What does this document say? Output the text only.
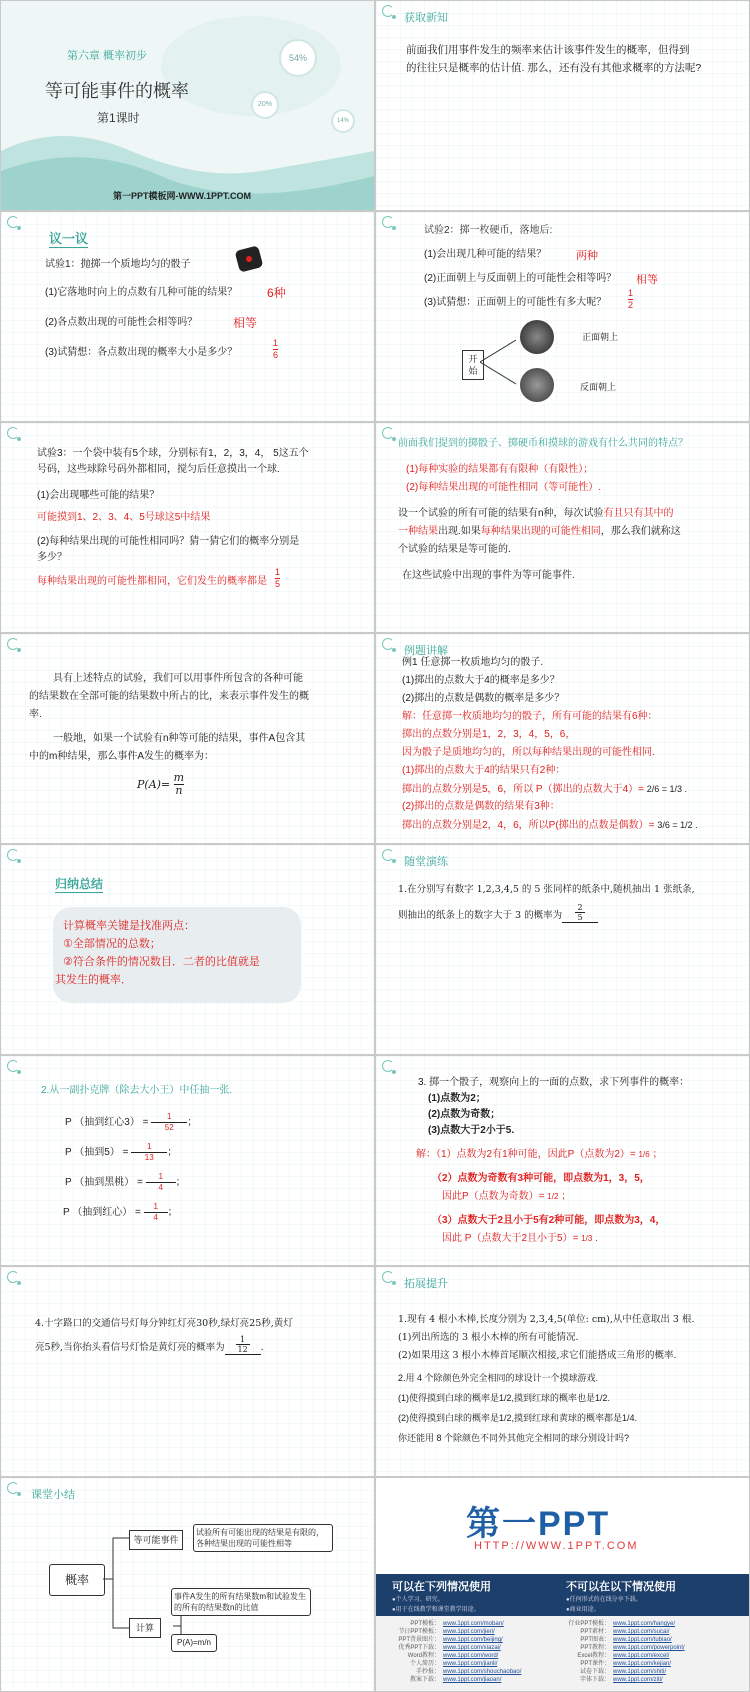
54%
20%
14%
第六章 概率初步
等可能事件的概率
第1课时
第一PPT模板网-WWW.1PPT.COM
获取新知
前面我们用事件发生的频率来估计该事件发生的概率，但得到
的往往只是概率的估计值. 那么，还有没有其他求概率的方法呢?
议一议
试验1：抛掷一个质地均匀的骰子
(1)它落地时向上的点数有几种可能的结果？ 6种
(2)各点数出现的可能性会相等吗？	相等
(3)试猜想：各点数出现的概率大小是多少？
1
6
试验2：掷一枚硬币，落地后:
(1)会出现几种可能的结果？	两种
(2)正面朝上与反面朝上的可能性会相等吗？ 相等
(3)试猜想：正面朝上的可能性有多大呢？
1
2
开始
正面朝上
反面朝上
试验3：一个袋中装有5个球，分别标有1，2，3，4， 5这五个
号码，这些球除号码外都相同，搅匀后任意摸出一个球.
(1)会出现哪些可能的结果？
可能摸到1、2、3、4、5号球这5中结果
(2)每种结果出现的可能性相同吗？猜一猜它们的概率分别是
多少？
每种结果出现的可能性都相同，它们发生的概率都是
1
5
前面我们提到的掷骰子、掷硬币和摸球的游戏有什么共同的特点？
(1)每种实验的结果都有有限种（有限性）；
(2)每种结果出现的可能性相同（等可能性）.
设一个试验的所有可能的结果有n种，每次试验有且只有其中的
一种结果出现.如果每种结果出现的可能性相同，那么我们就称这
个试验的结果是等可能的.
在这些试验中出现的事件为等可能事件.
具有上述特点的试验，我们可以用事件所包含的各种可能
的结果数在全部可能的结果数中所占的比，来表示事件发生的概
率.
一般地，如果一个试验有n种等可能的结果，事件A包含其
中的m种结果，那么事件A发生的概率为：
$P(A)= \frac{m}{n}$
例题讲解
例1 任意掷一枚质地均匀的骰子.
(1)掷出的点数大于4的概率是多少？
(2)掷出的点数是偶数的概率是多少？
解：任意掷一枚质地均匀的骰子，所有可能的结果有6种：
掷出的点数分别是1，2，3，4，5，6，
因为骰子是质地均匀的，所以每种结果出现的可能性相同.
(1)掷出的点数大于4的结果只有2种：
掷出的点数分别是5，6，所以 P（掷出的点数大于4）= 2/6 = 1/3 .
(2)掷出的点数是偶数的结果有3种：
掷出的点数分别是2，4，6，所以P(掷出的点数是偶数）= 3/6 = 1/2 .
归纳总结
计算概率关键是找准两点：
①全部情况的总数；
②符合条件的情况数目．二者的比值就是
其发生的概率．
随堂演练
1.在分别写有数字 1,2,3,4,5 的 5 张同样的纸条中,随机抽出 1 张纸条,
则抽出的纸条上的数字大于 3 的概率为 $\frac{2}{5}$
2.从一副扑克牌（除去大小王）中任抽一张.
P （抽到红心$3) = \frac{1}{52}$ ；
P （抽到$5) = \frac{1}{13}$ ；
P （抽到黑桃） = $\frac{1}{4}$ ；
P （抽到红心） = $\frac{1}{4}$ ；
3. 掷一个骰子，观察向上的一面的点数，求下列事件的概率：
(1)点数为2；
(2)点数为奇数；
(3)点数大于2小于5.
解：（1）点数为2有1种可能，因此P（点数为2）= 1/6 ；
（2）点数为奇数有3种可能，即点数为1，3，5，
因此P（点数为奇数）= 1/2 ；
（3）点数大于2且小于5有2种可能，即点数为3，4，
因此 P（点数大于2且小于5）= 1/3 .
4.十字路口的交通信号灯每分钟红灯亮30秒,绿灯亮25秒,黄灯
亮5秒,当你抬头看信号灯恰是黄灯亮的概率为 $\frac{1}{12}$ .
拓展提升
1.现有 4 根小木棒,长度分别为 2,3,4,5(单位: cm),从中任意取出 3 根.
(1)列出所选的 3 根小木棒的所有可能情况.
(2)如果用这 3 根小木棒首尾顺次相接,求它们能搭成三角形的概率.
2.用 4 个除颜色外完全相同的球设计一个摸球游戏.
(1)使得摸到白球的概率是1/2,摸到红球的概率也是1/2.
(2)使得摸到白球的概率是1/2,摸到红球和黄球的概率都是1/4.
你还能用 8 个除颜色不同外其他完全相同的球分别设计吗?
课堂小结
概率
等可能事件
试验所有可能出现的结果是有限的，
各种结果出现的可能性相等
计算
事件A发生的所有结果数m和试验发生
的所有的结果数n的比值
P(A)=m/n
第一PPT
HTTP://WWW.1PPT.COM
可以在下列情况使用
●个人学习、研究。
●用于在线教学和课堂教学用途。
不可以在以下情况使用
●任何形式的在线分享下载。
●商业用途。
PPT模板： www.1ppt.com/moban/
节日PPT模板： www.1ppt.com/jieri/
PPT背景图片： www.1ppt.com/beijing/
优秀PPT下载： www.1ppt.com/xiazai/
Word教程： www.1ppt.com/word/
个人简历： www.1ppt.com/jianli/
手抄报： www.1ppt.com/shouchaobao/
教案下载： www.1ppt.com/jiaoan/
行业PPT模板： www.1ppt.com/hangye/
PPT素材： www.1ppt.com/sucai/
PPT图表： www.1ppt.com/tubiao/
PPT教程： www.1ppt.com/powerpoint/
Excel教程： www.1ppt.com/excel/
PPT课件： www.1ppt.com/kejian/
试卷下载： www.1ppt.com/shiti/
字体下载： www.1ppt.com/ziti/
